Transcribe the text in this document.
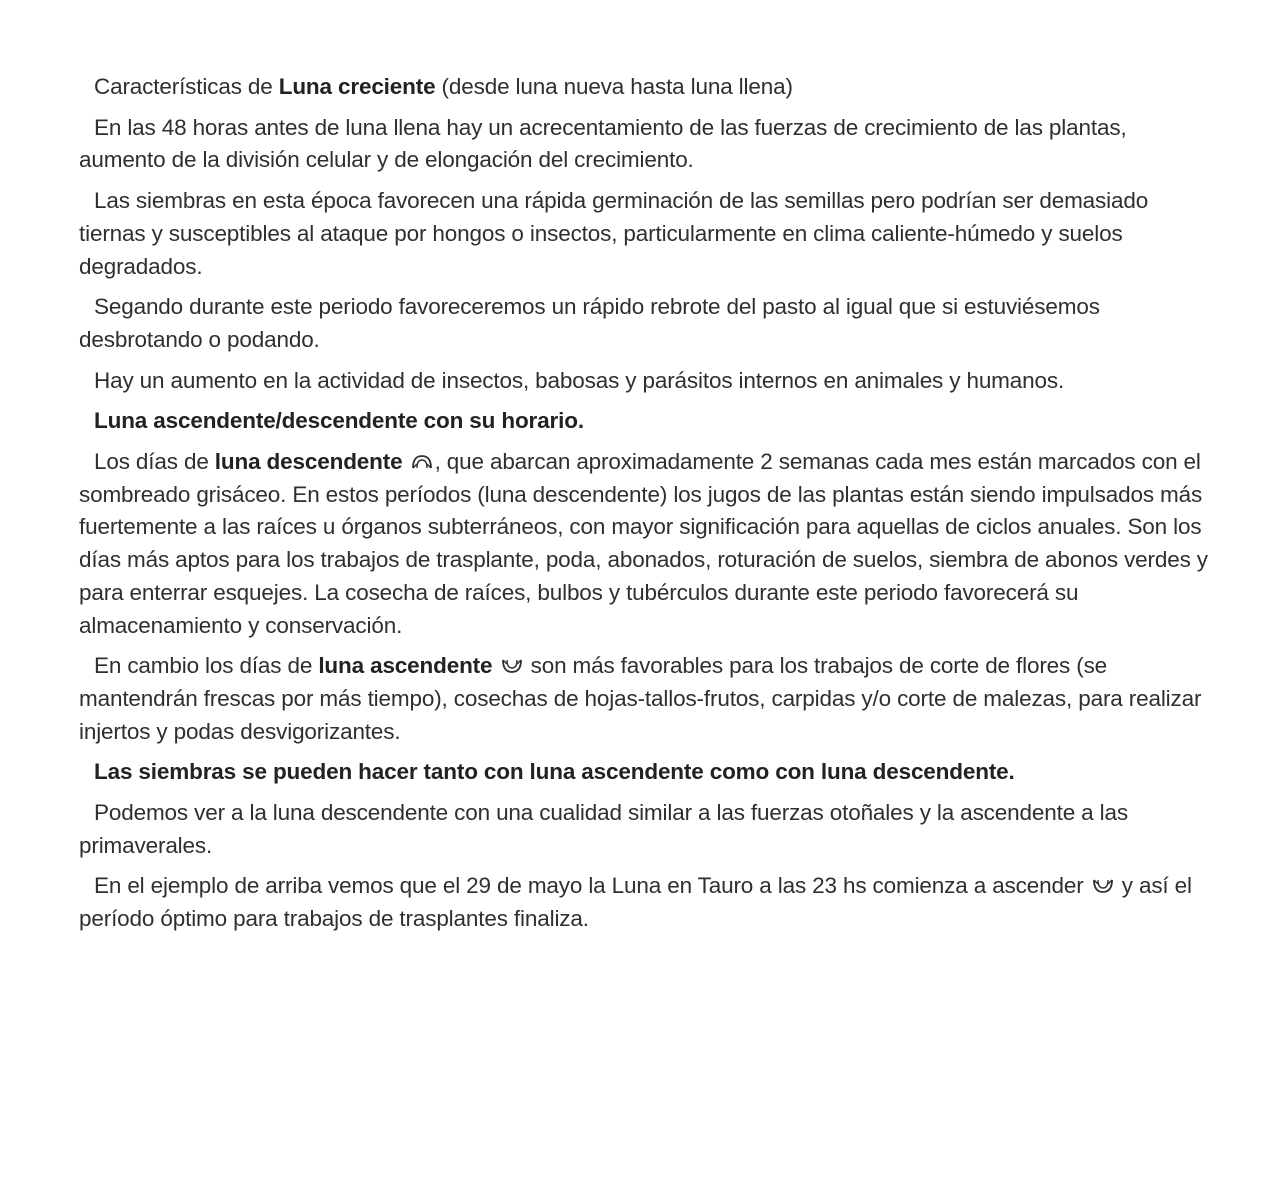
Características de Luna creciente (desde luna nueva hasta luna llena)

En las 48 horas antes de luna llena hay un acrecentamiento de las fuerzas de crecimiento de las plantas, aumento de la división celular y de elongación del crecimiento.

Las siembras en esta época favorecen una rápida germinación de las semillas pero podrían ser demasiado tiernas y susceptibles al ataque por hongos o insectos, particularmente en clima caliente-húmedo y suelos degradados.

Segando durante este periodo favoreceremos un rápido rebrote del pasto al igual que si estuviésemos desbrotando o podando.

Hay un aumento en la actividad de insectos, babosas y parásitos internos en animales y humanos.

Luna ascendente/descendente con su horario.

Los días de luna descendente , que abarcan aproximadamente 2 semanas cada mes están marcados con el sombreado grisáceo. En estos períodos (luna descendente) los jugos de las plantas están siendo impulsados más fuertemente a las raíces u órganos subterráneos, con mayor significación para aquellas de ciclos anuales. Son los días más aptos para los trabajos de trasplante, poda, abonados, roturación de suelos, siembra de abonos verdes y para enterrar esquejes. La cosecha de raíces, bulbos y tubérculos durante este periodo favorecerá su almacenamiento y conservación.

En cambio los días de luna ascendente
son más favorables para los trabajos de corte de flores (se mantendrán frescas por más tiempo), cosechas de hojas-tallos-frutos, carpidas y/o corte de malezas, para realizar injertos y podas desvigorizantes.

Las siembras se pueden hacer tanto con luna ascendente como con luna descendente.

Podemos ver a la luna descendente con una cualidad similar a las fuerzas otoñales y la ascendente a las primaverales.

En el ejemplo de arriba vemos que el 29 de mayo la Luna en Tauro a las 23 hs comienza a ascender
y así el período óptimo para trabajos de trasplantes finaliza.
